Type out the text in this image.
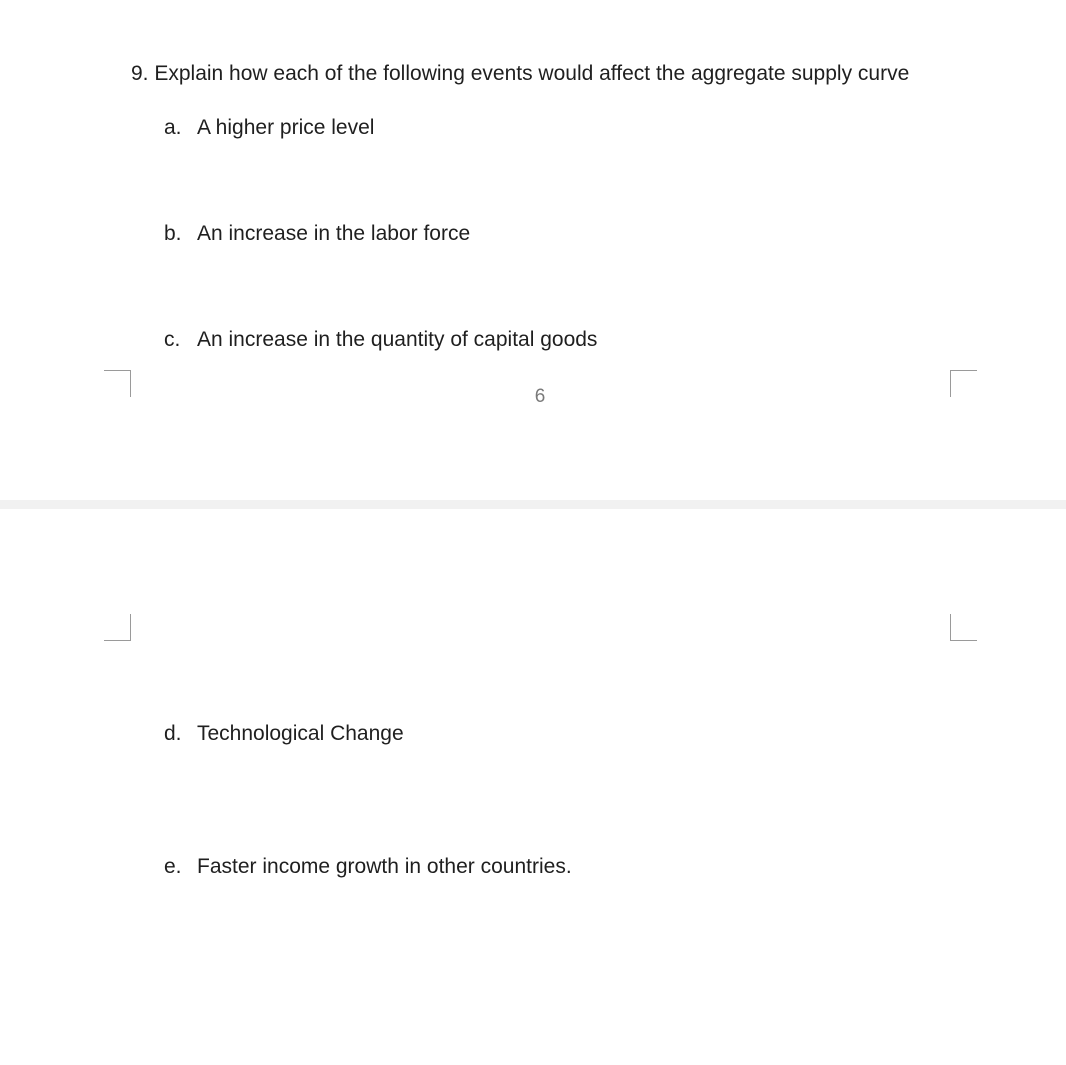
9. Explain how each of the following events would affect the aggregate supply curve
a. A higher price level
b. An increase in the labor force
c. An increase in the quantity of capital goods
6
d. Technological Change
e. Faster income growth in other countries.
